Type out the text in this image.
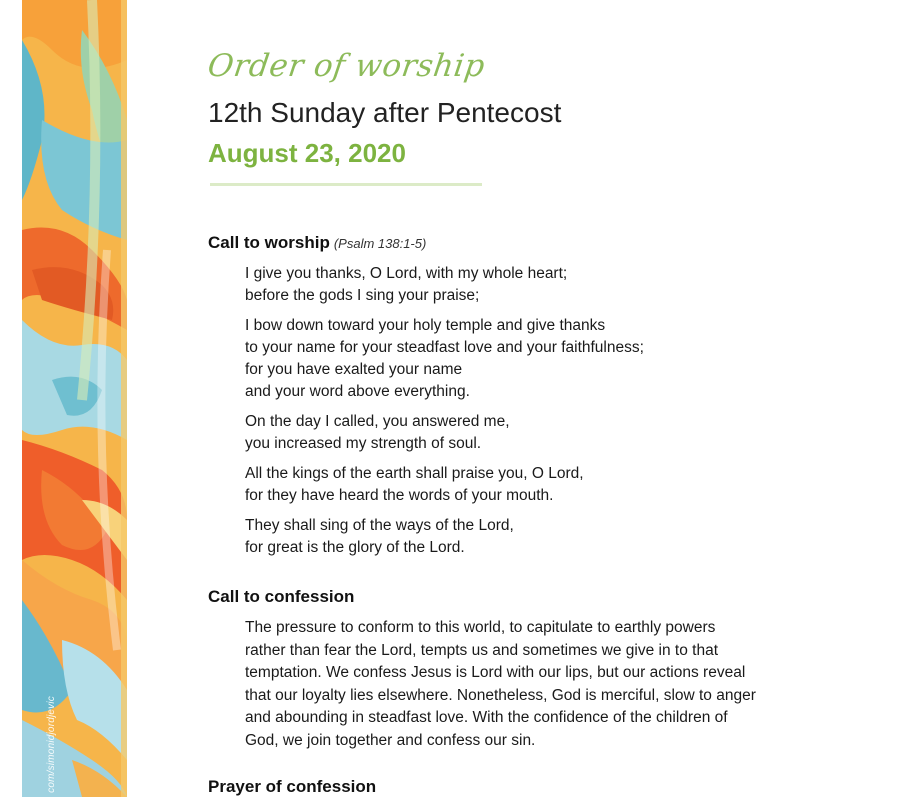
com/simonidjordjevic
Order of worship
12th Sunday after Pentecost
August 23, 2020
Call to worship (Psalm 138:1-5)
I give you thanks, O Lord, with my whole heart;
before the gods I sing your praise;
I bow down toward your holy temple and give thanks
to your name for your steadfast love and your faithfulness;
for you have exalted your name
and your word above everything.
On the day I called, you answered me,
you increased my strength of soul.
All the kings of the earth shall praise you, O Lord,
for they have heard the words of your mouth.
They shall sing of the ways of the Lord,
for great is the glory of the Lord.
Call to confession
The pressure to conform to this world, to capitulate to earthly powers
rather than fear the Lord, tempts us and sometimes we give in to that
temptation. We confess Jesus is Lord with our lips, but our actions reveal
that our loyalty lies elsewhere. Nonetheless, God is merciful, slow to anger
and abounding in steadfast love. With the confidence of the children of
God, we join together and confess our sin.
Prayer of confession
